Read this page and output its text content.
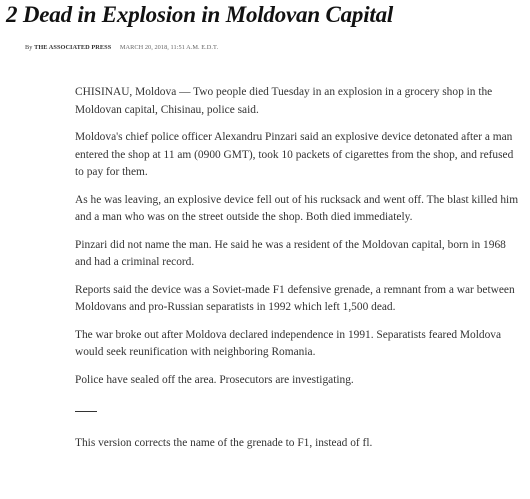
2 Dead in Explosion in Moldovan Capital
By THE ASSOCIATED PRESS MARCH 20, 2018, 11:51 A.M. E.D.T.

CHISINAU, Moldova — Two people died Tuesday in an explosion in a grocery shop in the Moldovan capital, Chisinau, police said.

Moldova's chief police officer Alexandru Pinzari said an explosive device detonated after a man entered the shop at 11 am (0900 GMT), took 10 packets of cigarettes from the shop, and refused to pay for them.

As he was leaving, an explosive device fell out of his rucksack and went off. The blast killed him and a man who was on the street outside the shop. Both died immediately.

Pinzari did not name the man. He said he was a resident of the Moldovan capital, born in 1968 and had a criminal record.

Reports said the device was a Soviet-made F1 defensive grenade, a remnant from a war between Moldovans and pro-Russian separatists in 1992 which left 1,500 dead.

The war broke out after Moldova declared independence in 1991. Separatists feared Moldova would seek reunification with neighboring Romania.

Police have sealed off the area. Prosecutors are investigating.

This version corrects the name of the grenade to F1, instead of fl.
